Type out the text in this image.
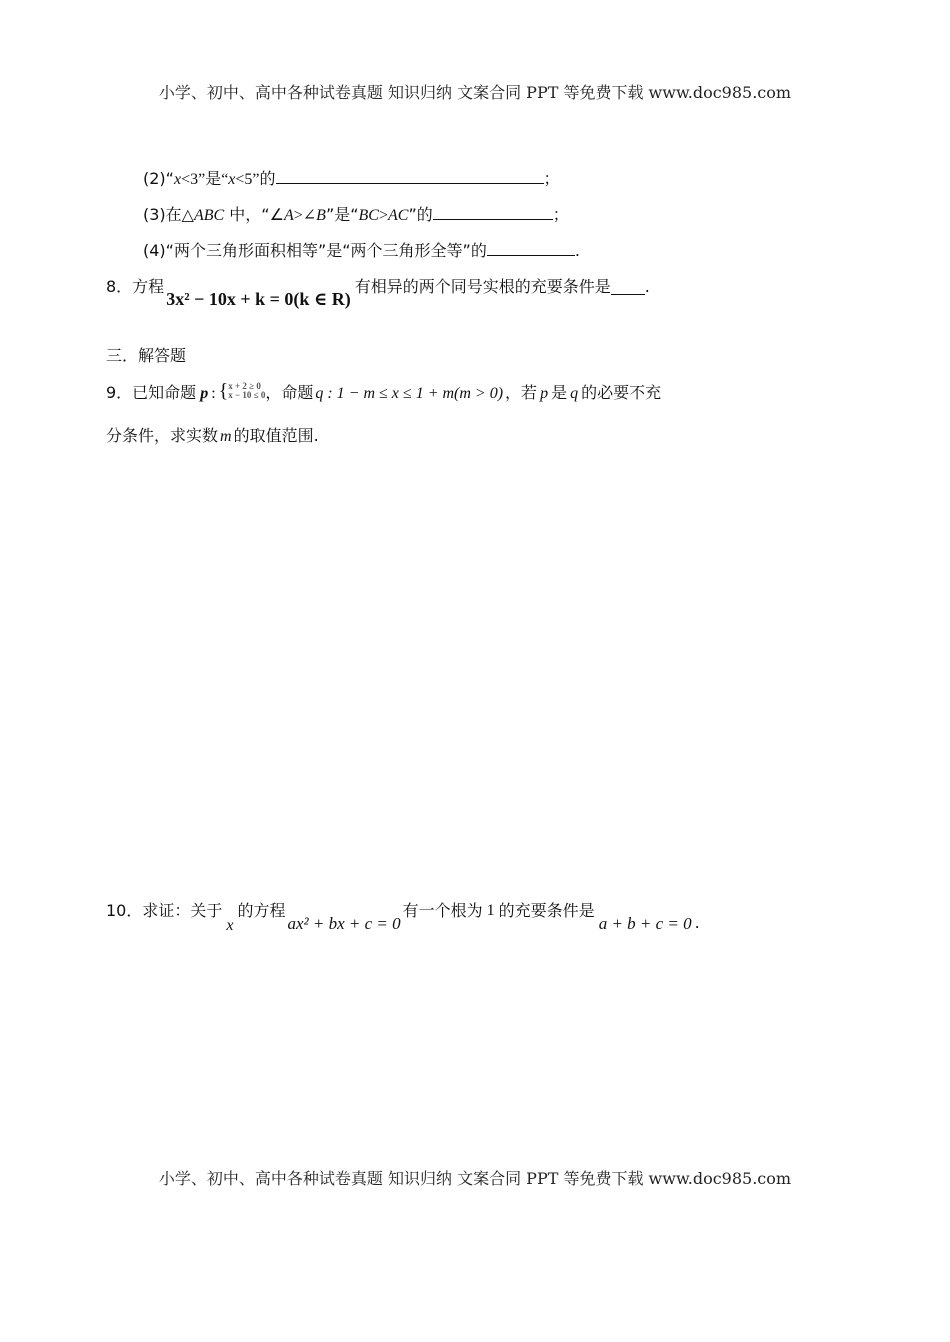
小学、初中、高中各种试卷真题 知识归纳 文案合同 PPT 等免费下载 www.doc985.com
(2)“x<3”是“x<5”的	；
(3)在△ABC 中，“∠A>∠B”是“BC>AC”的	；
(4)“两个三角形面积相等”是“两个三角形全等”的	.
8．方程3x² − 10x + k = 0(k ∈ R)有相异的两个同号实根的充要条件是 .
三．解答题
9．已知命题 p : { x + 2 ≥ 0
x − 10 ≤ 0 ，命题 q : 1 − m ≤ x ≤ 1 + m(m > 0) ，若 p 是 q 的必要不充
分条件，求实数 m 的取值范围.
10．求证：关于x的方程ax² + bx + c = 0有一个根为 1 的充要条件是a + b + c = 0 .
小学、初中、高中各种试卷真题 知识归纳 文案合同 PPT 等免费下载 www.doc985.com
